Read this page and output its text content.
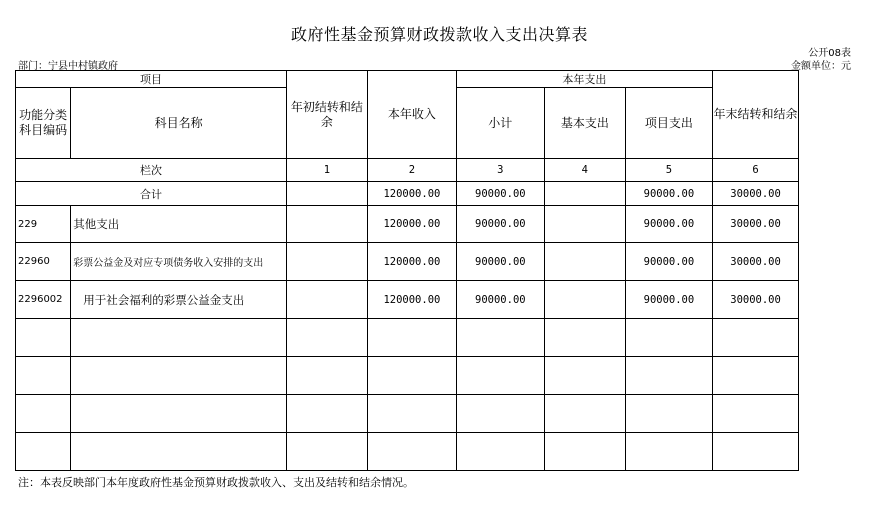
政府性基金预算财政拨款收入支出决算表
公开08表
部门：宁县中村镇政府	金额单位：元
项目		年初结转和结余	本年收入	本年支出			年末结转和结余

功能分类科目编码	科目名称			小计	基本支出	项目支出	

栏次		1	2	3	4	5	6
合计			120000.00	90000.00		90000.00	30000.00
229	其他支出		120000.00	90000.00		90000.00	30000.00
22960	彩票公益金及对应专项债务收入安排的支出		120000.00	90000.00		90000.00	30000.00
2296002	用于社会福利的彩票公益金支出		120000.00	90000.00		90000.00	30000.00

注：本表反映部门本年度政府性基金预算财政拨款收入、支出及结转和结余情况。
